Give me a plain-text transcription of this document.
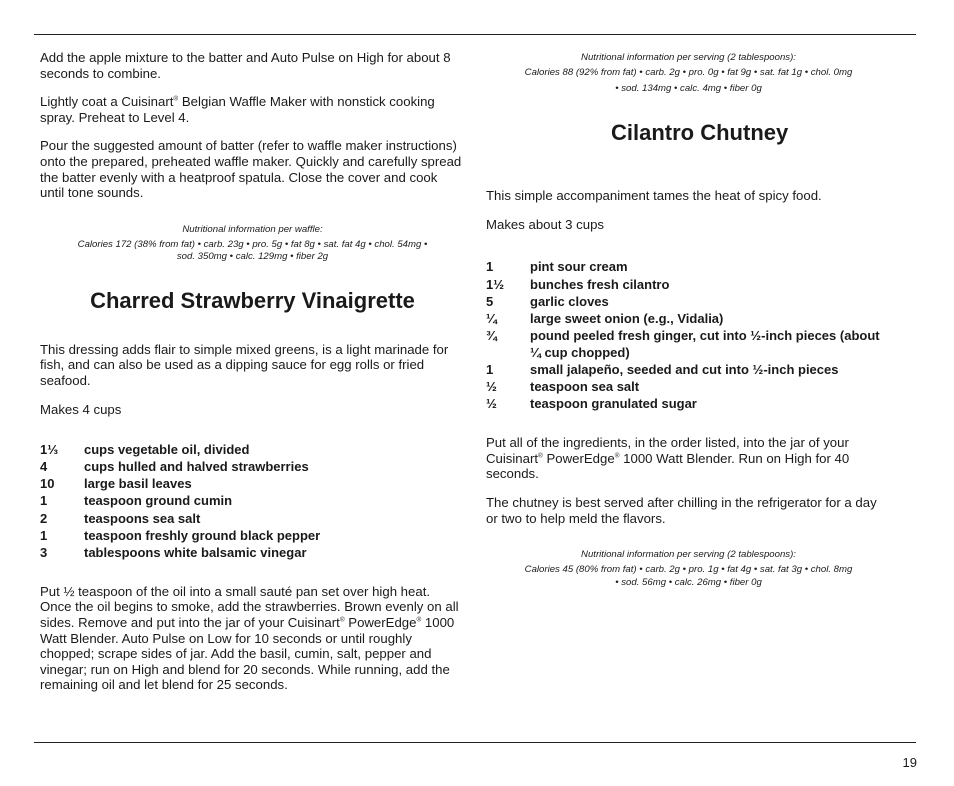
Add the apple mixture to the batter and Auto Pulse on High for about 8 seconds to combine.

Lightly coat a Cuisinart® Belgian Waffle Maker with nonstick cooking spray. Preheat to Level 4.

Pour the suggested amount of batter (refer to waffle maker instructions) onto the prepared, preheated waffle maker. Quickly and carefully spread the batter evenly with a heatproof spatula. Close the cover and cook until tone sounds.

Nutritional information per waffle:

Calories 172 (38% from fat) • carb. 23g • pro. 5g • fat 8g • sat. fat 4g • chol. 54mg •

sod. 350mg • calc. 129mg • fiber 2g

Charred Strawberry Vinaigrette

This dressing adds flair to simple mixed greens, is a light marinade for fish, and can also be used as a dipping sauce for egg rolls or fried seafood.

Makes 4 cups

1⅓	cups vegetable oil, divided
4	cups hulled and halved strawberries
10	large basil leaves
1	teaspoon ground cumin
2	teaspoons sea salt
1	teaspoon freshly ground black pepper
3	tablespoons white balsamic vinegar

Put ½ teaspoon of the oil into a small sauté pan set over high heat. Once the oil begins to smoke, add the strawberries. Brown evenly on all sides. Remove and put into the jar of your Cuisinart® PowerEdge® 1000 Watt Blender. Auto Pulse on Low for 10 seconds or until roughly chopped; scrape sides of jar. Add the basil, cumin, salt, pepper and vinegar; run on High and blend for 20 seconds. While running, add the remaining oil and let blend for 25 seconds.

Nutritional information per serving (2 tablespoons):

Calories 88 (92% from fat) • carb. 2g • pro. 0g • fat 9g • sat. fat 1g • chol. 0mg

• sod. 134mg • calc. 4mg • fiber 0g

Cilantro Chutney

This simple accompaniment tames the heat of spicy food.

Makes about 3 cups

1	pint sour cream
1½	bunches fresh cilantro
5	garlic cloves
¼	large sweet onion (e.g., Vidalia)
¾	pound peeled fresh ginger, cut into ½-inch pieces (about ¼ cup chopped)
1	small jalapeño, seeded and cut into ½-inch pieces
½	teaspoon sea salt
½	teaspoon granulated sugar

Put all of the ingredients, in the order listed, into the jar of your Cuisinart® PowerEdge® 1000 Watt Blender. Run on High for 40 seconds.

The chutney is best served after chilling in the refrigerator for a day or two to help meld the flavors.

Nutritional information per serving (2 tablespoons):

Calories 45 (80% from fat) • carb. 2g • pro. 1g • fat 4g • sat. fat 3g • chol. 8mg

• sod. 56mg • calc. 26mg • fiber 0g

19
